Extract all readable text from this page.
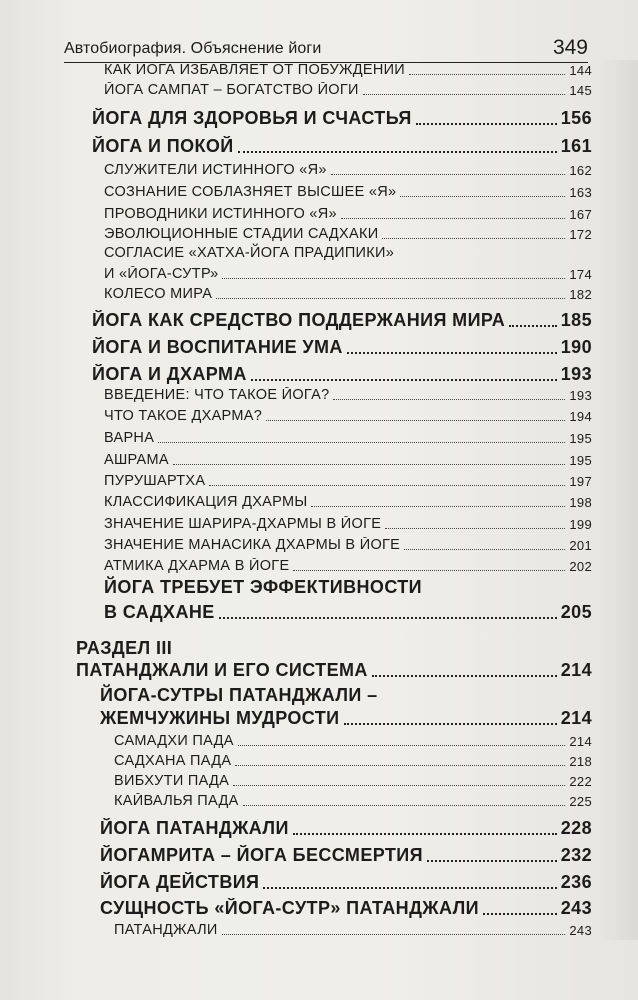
Автобиография. Объяснение йоги	349
КАК ЙОГА ИЗБАВЛЯЕТ ОТ ПОБУЖДЕНИЙ	144
ЙОГА САМПАТ – БОГАТСТВО ЙОГИ	145
ЙОГА ДЛЯ ЗДОРОВЬЯ И СЧАСТЬЯ	156
ЙОГА И ПОКОЙ	161
СЛУЖИТЕЛИ ИСТИННОГО «Я»	162
СОЗНАНИЕ СОБЛАЗНЯЕТ ВЫСШЕЕ «Я»	163
ПРОВОДНИКИ ИСТИННОГО «Я»	167
ЭВОЛЮЦИОННЫЕ СТАДИИ САДХАКИ	172
СОГЛАСИЕ «ХАТХА-ЙОГА ПРАДИПИКИ»
И «ЙОГА-СУТР»	174
КОЛЕСО МИРА	182
ЙОГА КАК СРЕДСТВО ПОДДЕРЖАНИЯ МИРА	185
ЙОГА И ВОСПИТАНИЕ УМА	190
ЙОГА И ДХАРМА	193
ВВЕДЕНИЕ: ЧТО ТАКОЕ ЙОГА?	193
ЧТО ТАКОЕ ДХАРМА?	194
ВАРНА	195
АШРАМА	195
ПУРУШАРТХА	197
КЛАССИФИКАЦИЯ ДХАРМЫ	198
ЗНАЧЕНИЕ ШАРИРА-ДХАРМЫ В ЙОГЕ	199
ЗНАЧЕНИЕ МАНАСИКА ДХАРМЫ В ЙОГЕ	201
АТМИКА ДХАРМА В ЙОГЕ	202
ЙОГА ТРЕБУЕТ ЭФФЕКТИВНОСТИ
В САДХАНЕ	205
РАЗДЕЛ III
ПАТАНДЖАЛИ И ЕГО СИСТЕМА	214
ЙОГА-СУТРЫ ПАТАНДЖАЛИ –
ЖЕМЧУЖИНЫ МУДРОСТИ	214
САМАДХИ ПАДА	214
САДХАНА ПАДА	218
ВИБХУТИ ПАДА	222
КАЙВАЛЬЯ ПАДА	225
ЙОГА ПАТАНДЖАЛИ	228
ЙОГАМРИТА – ЙОГА БЕССМЕРТИЯ	232
ЙОГА ДЕЙСТВИЯ	236
СУЩНОСТЬ «ЙОГА-СУТР» ПАТАНДЖАЛИ	243
ПАТАНДЖАЛИ	243
